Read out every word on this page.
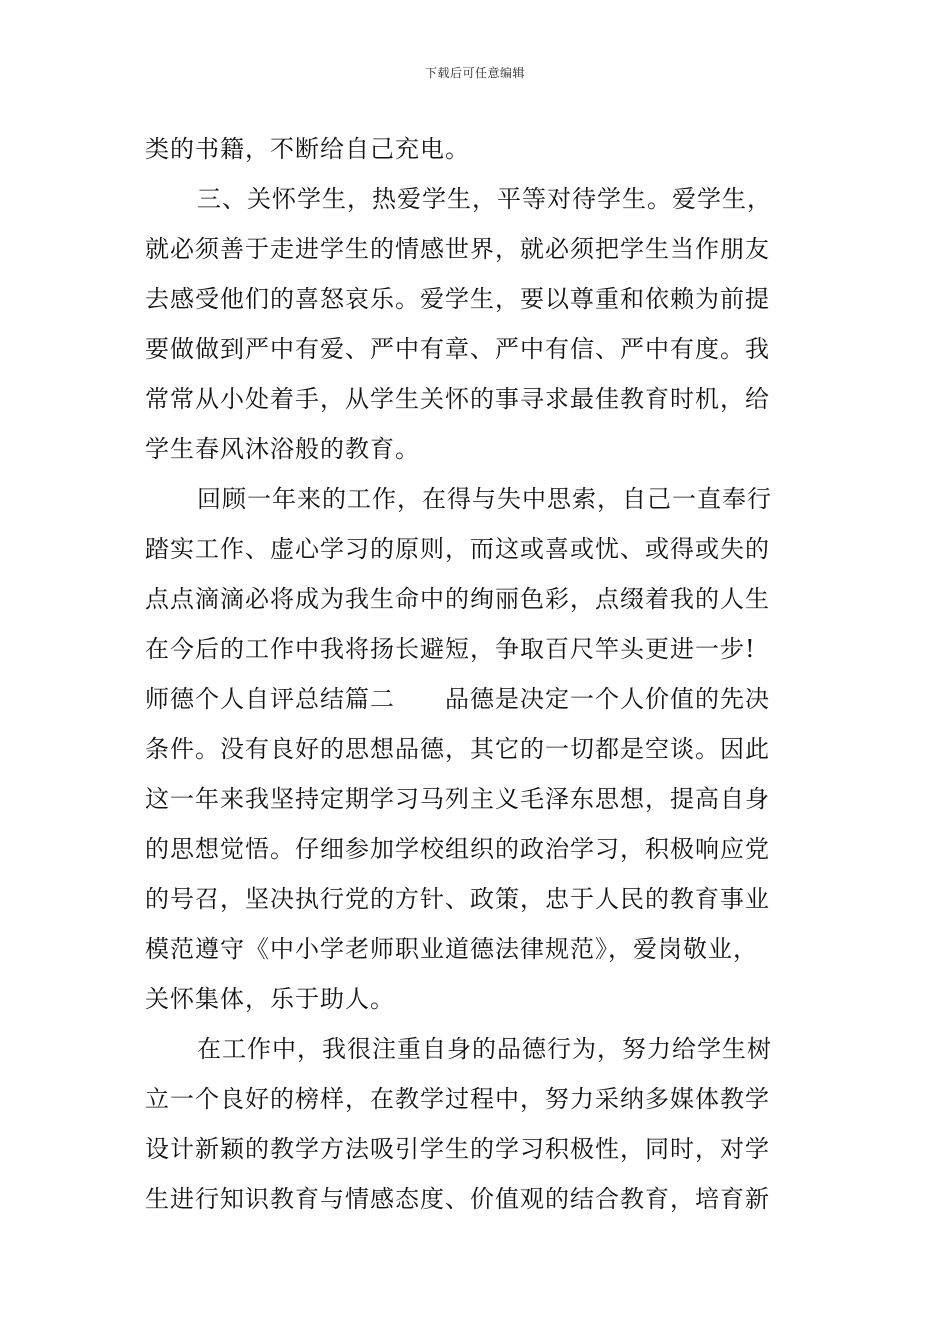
下载后可任意编辑
类的书籍，不断给自己充电。
三、关怀学生，热爱学生，平等对待学生。爱学生，
就必须善于走进学生的情感世界，就必须把学生当作朋友
去感受他们的喜怒哀乐。爱学生，要以尊重和依赖为前提
要做做到严中有爱、严中有章、严中有信、严中有度。我
常常从小处着手，从学生关怀的事寻求最佳教育时机，给
学生春风沐浴般的教育。
回顾一年来的工作，在得与失中思索，自己一直奉行
踏实工作、虚心学习的原则，而这或喜或忧、或得或失的
点点滴滴必将成为我生命中的绚丽色彩，点缀着我的人生
在今后的工作中我将扬长避短，争取百尺竿头更进一步!
师德个人自评总结篇二　　品德是决定一个人价值的先决
条件。没有良好的思想品德，其它的一切都是空谈。因此
这一年来我坚持定期学习马列主义毛泽东思想，提高自身
的思想觉悟。仔细参加学校组织的政治学习，积极响应党
的号召，坚决执行党的方针、政策，忠于人民的教育事业
模范遵守《中小学老师职业道德法律规范》，爱岗敬业，
关怀集体，乐于助人。
在工作中，我很注重自身的品德行为，努力给学生树
立一个良好的榜样，在教学过程中，努力采纳多媒体教学
设计新颖的教学方法吸引学生的学习积极性，同时，对学
生进行知识教育与情感态度、价值观的结合教育，培育新
